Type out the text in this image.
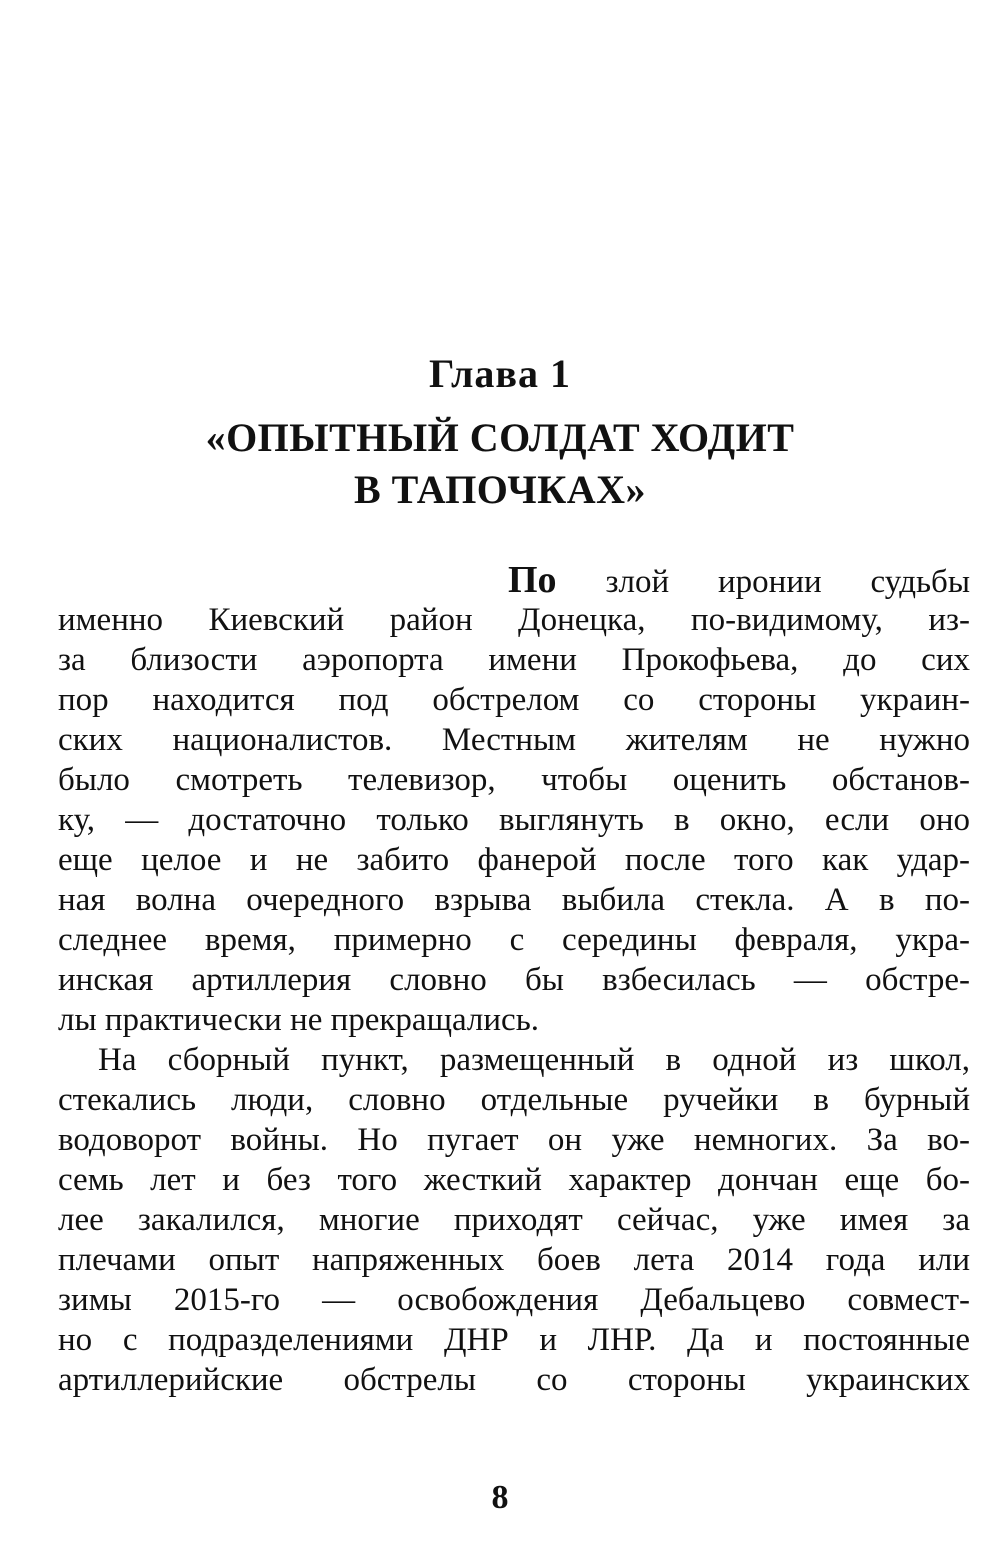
Глава 1
«ОПЫТНЫЙ СОЛДАТ ХОДИТ
В ТАПОЧКАХ»
По злой иронии судьбы
именно Киевский район Донецка, по-видимому, из-
за близости аэропорта имени Прокофьева, до сих
пор находится под обстрелом со стороны украин-
ских националистов. Местным жителям не нужно
было смотреть телевизор, чтобы оценить обстанов-
ку, — достаточно только выглянуть в окно, если оно
еще целое и не забито фанерой после того как удар-
ная волна очередного взрыва выбила стекла. А в по-
следнее время, примерно с середины февраля, укра-
инская артиллерия словно бы взбесилась — обстре-
лы практически не прекращались.
На сборный пункт, размещенный в одной из школ,
стекались люди, словно отдельные ручейки в бурный
водоворот войны. Но пугает он уже немногих. За во-
семь лет и без того жесткий характер дончан еще бо-
лее закалился, многие приходят сейчас, уже имея за
плечами опыт напряженных боев лета 2014 года или
зимы 2015-го — освобождения Дебальцево совмест-
но с подразделениями ДНР и ЛНР. Да и постоянные
артиллерийские обстрелы со стороны украинских
8
